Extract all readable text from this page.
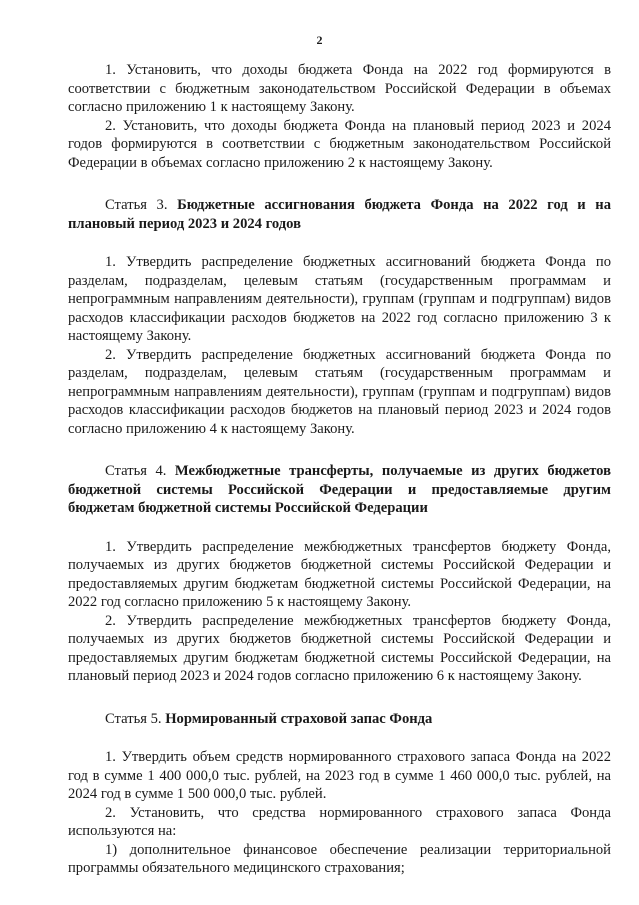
2

1. Установить, что доходы бюджета Фонда на 2022 год формируются в соответствии с бюджетным законодательством Российской Федерации в объемах согласно приложению 1 к настоящему Закону.

2. Установить, что доходы бюджета Фонда на плановый период 2023 и 2024 годов формируются в соответствии с бюджетным законодательством Российской Федерации в объемах согласно приложению 2 к настоящему Закону.

Статья 3. Бюджетные ассигнования бюджета Фонда на 2022 год и на плановый период 2023 и 2024 годов

1. Утвердить распределение бюджетных ассигнований бюджета Фонда по разделам, подразделам, целевым статьям (государственным программам и непрограммным направлениям деятельности), группам (группам и подгруппам) видов расходов классификации расходов бюджетов на 2022 год согласно приложению 3 к настоящему Закону.

2. Утвердить распределение бюджетных ассигнований бюджета Фонда по разделам, подразделам, целевым статьям (государственным программам и непрограммным направлениям деятельности), группам (группам и подгруппам) видов расходов классификации расходов бюджетов на плановый период 2023 и 2024 годов согласно приложению 4 к настоящему Закону.

Статья 4. Межбюджетные трансферты, получаемые из других бюджетов бюджетной системы Российской Федерации и предоставляемые другим бюджетам бюджетной системы Российской Федерации

1. Утвердить распределение межбюджетных трансфертов бюджету Фонда, получаемых из других бюджетов бюджетной системы Российской Федерации и предоставляемых другим бюджетам бюджетной системы Российской Федерации, на 2022 год согласно приложению 5 к настоящему Закону.

2. Утвердить распределение межбюджетных трансфертов бюджету Фонда, получаемых из других бюджетов бюджетной системы Российской Федерации и предоставляемых другим бюджетам бюджетной системы Российской Федерации, на плановый период 2023 и 2024 годов согласно приложению 6 к настоящему Закону.

Статья 5. Нормированный страховой запас Фонда

1. Утвердить объем средств нормированного страхового запаса Фонда на 2022 год в сумме 1 400 000,0 тыс. рублей, на 2023 год в сумме 1 460 000,0 тыс. рублей, на 2024 год в сумме 1 500 000,0 тыс. рублей.

2. Установить, что средства нормированного страхового запаса Фонда используются на:

1) дополнительное финансовое обеспечение реализации территориальной программы обязательного медицинского страхования;
